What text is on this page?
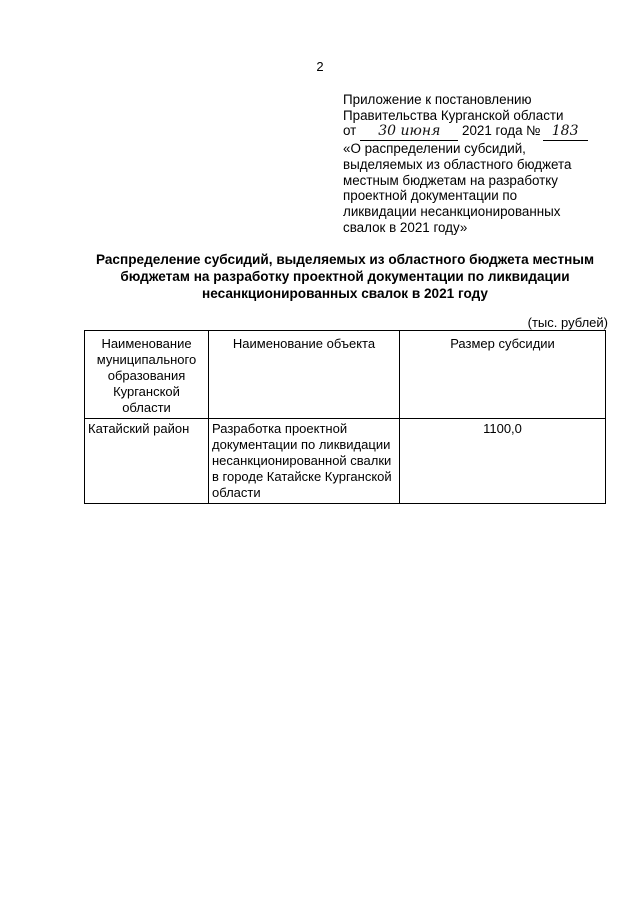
2
Приложение к постановлению
Правительства Курганской области
от 30 июня 2021 года № 183
«О распределении субсидий,
выделяемых из областного бюджета
местным бюджетам на разработку
проектной документации по
ликвидации несанкционированных
свалок в 2021 году»
Распределение субсидий, выделяемых из областного бюджета местным бюджетам на разработку проектной документации по ликвидации несанкционированных свалок в 2021 году
(тыс. рублей)
Наименование муниципального образования Курганской области	Наименование объекта	Размер субсидии
Катайский район	Разработка проектной документации по ликвидации несанкционированной свалки в городе Катайске Курганской области	1100,0
